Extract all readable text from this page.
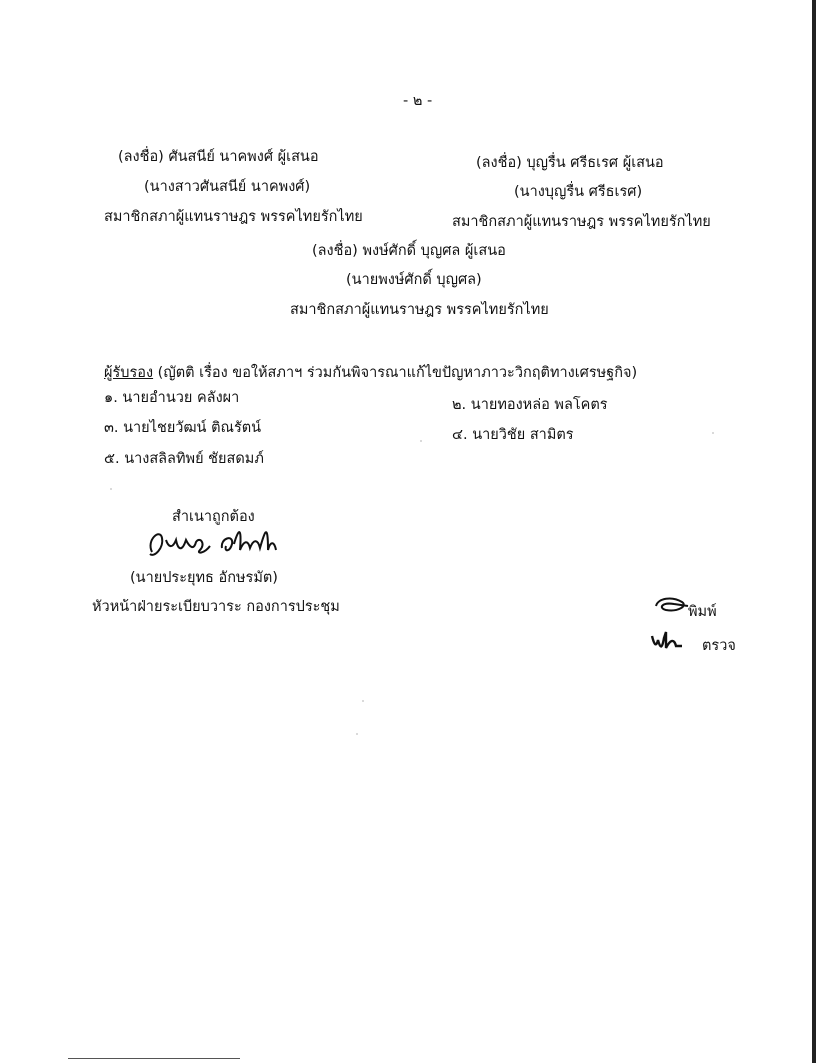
- ๒ -
(ลงชื่อ) ศันสนีย์ นาคพงศ์ ผู้เสนอ
(นางสาวศันสนีย์ นาคพงศ์)
สมาชิกสภาผู้แทนราษฎร พรรคไทยรักไทย
(ลงชื่อ) บุญรื่น ศรีธเรศ ผู้เสนอ
(นางบุญรื่น ศรีธเรศ)
สมาชิกสภาผู้แทนราษฎร พรรคไทยรักไทย
(ลงชื่อ) พงษ์ศักดิ์ บุญศล ผู้เสนอ
(นายพงษ์ศักดิ์ บุญศล)
สมาชิกสภาผู้แทนราษฎร พรรคไทยรักไทย
ผู้รับรอง (ญัตติ เรื่อง ขอให้สภาฯ ร่วมกันพิจารณาแก้ไขปัญหาภาวะวิกฤติทางเศรษฐกิจ)
๑. นายอำนวย คลังผา	๒. นายทองหล่อ พลโคตร
๓. นายไชยวัฒน์ ติณรัตน์	๔. นายวิชัย สามิตร
๕. นางสลิลทิพย์ ชัยสดมภ์
สำเนาถูกต้อง
(นายประยุทธ อักษรมัต)
หัวหน้าฝ่ายระเบียบวาระ กองการประชุม	พิมพ์
ตรวจ
